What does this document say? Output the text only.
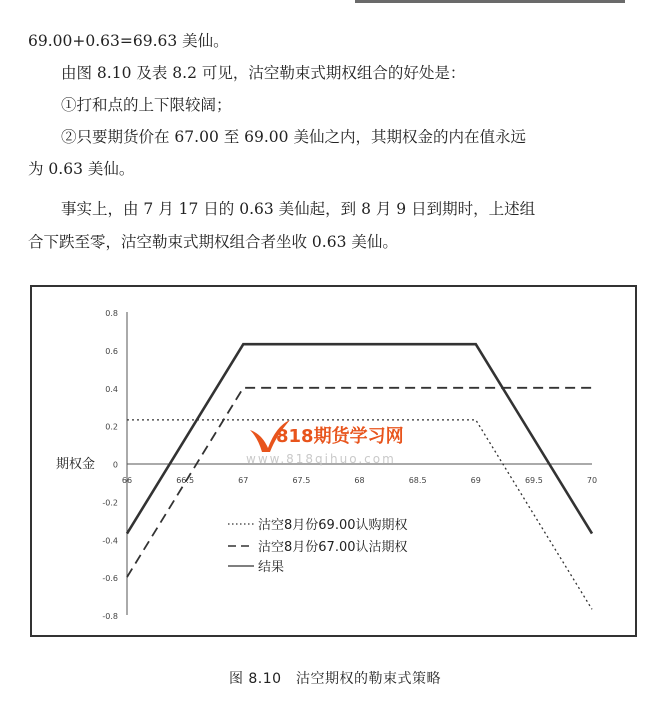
69.00+0.63=69.63 美仙。
由图 8.10 及表 8.2 可见，沽空勒束式期权组合的好处是：
①打和点的上下限较阔；
②只要期货价在 67.00 至 69.00 美仙之内，其期权金的内在值永远
为 0.63 美仙。
事实上，由 7 月 17 日的 0.63 美仙起，到 8 月 9 日到期时，上述组
合下跌至零，沽空勒束式期权组合者坐收 0.63 美仙。
0.8
0.6
0.4
0.2
0
-0.2
-0.4
-0.6
-0.8
66	66.5	67	67.5	68	68.5	69	69.5	70
期权金
818期货学习网
www.818qihuo.com
沽空8月份69.00认购期权
沽空8月份67.00认沽期权
结果
图 8.10　沽空期权的勒束式策略
